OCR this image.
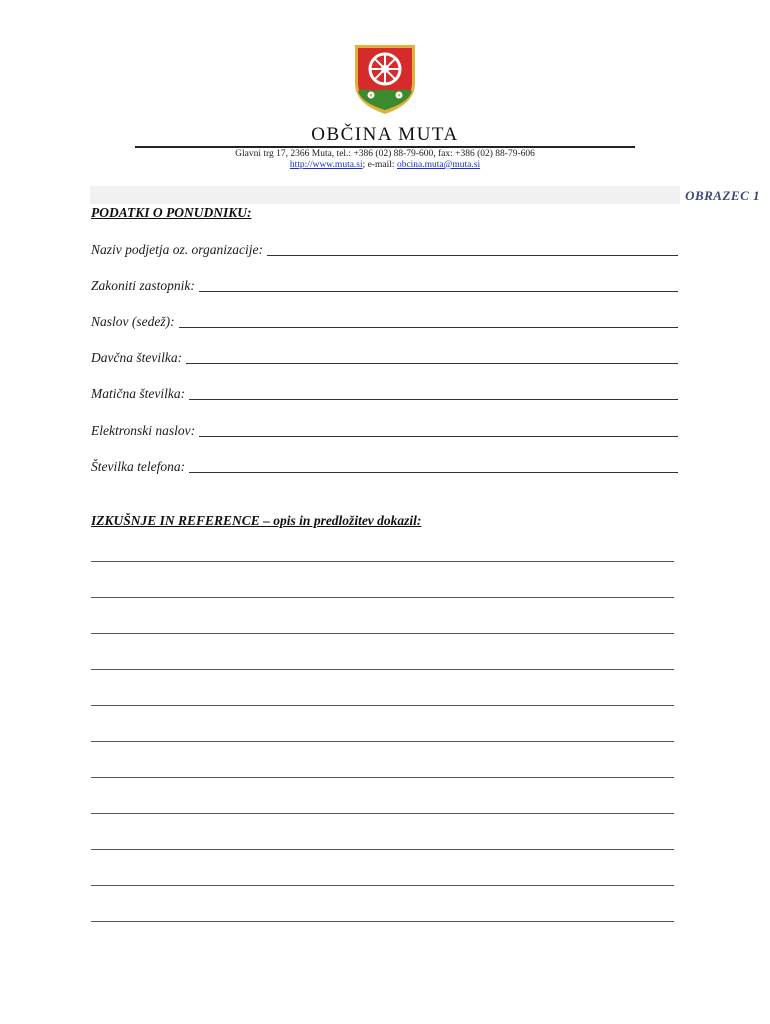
OBČINA MUTA
Glavni trg 17, 2366 Muta, tel.: +386 (02) 88-79-600, fax: +386 (02) 88-79-606
http://www.muta.si; e-mail: obcina.muta@muta.si
OBRAZEC 1
PODATKI O PONUDNIKU:
Naziv podjetja oz. organizacije:
Zakoniti zastopnik:
Naslov (sedež):
Davčna številka:
Matična številka:
Elektronski naslov:
Številka telefona:
IZKUŠNJE IN REFERENCE – opis in predložitev dokazil:
